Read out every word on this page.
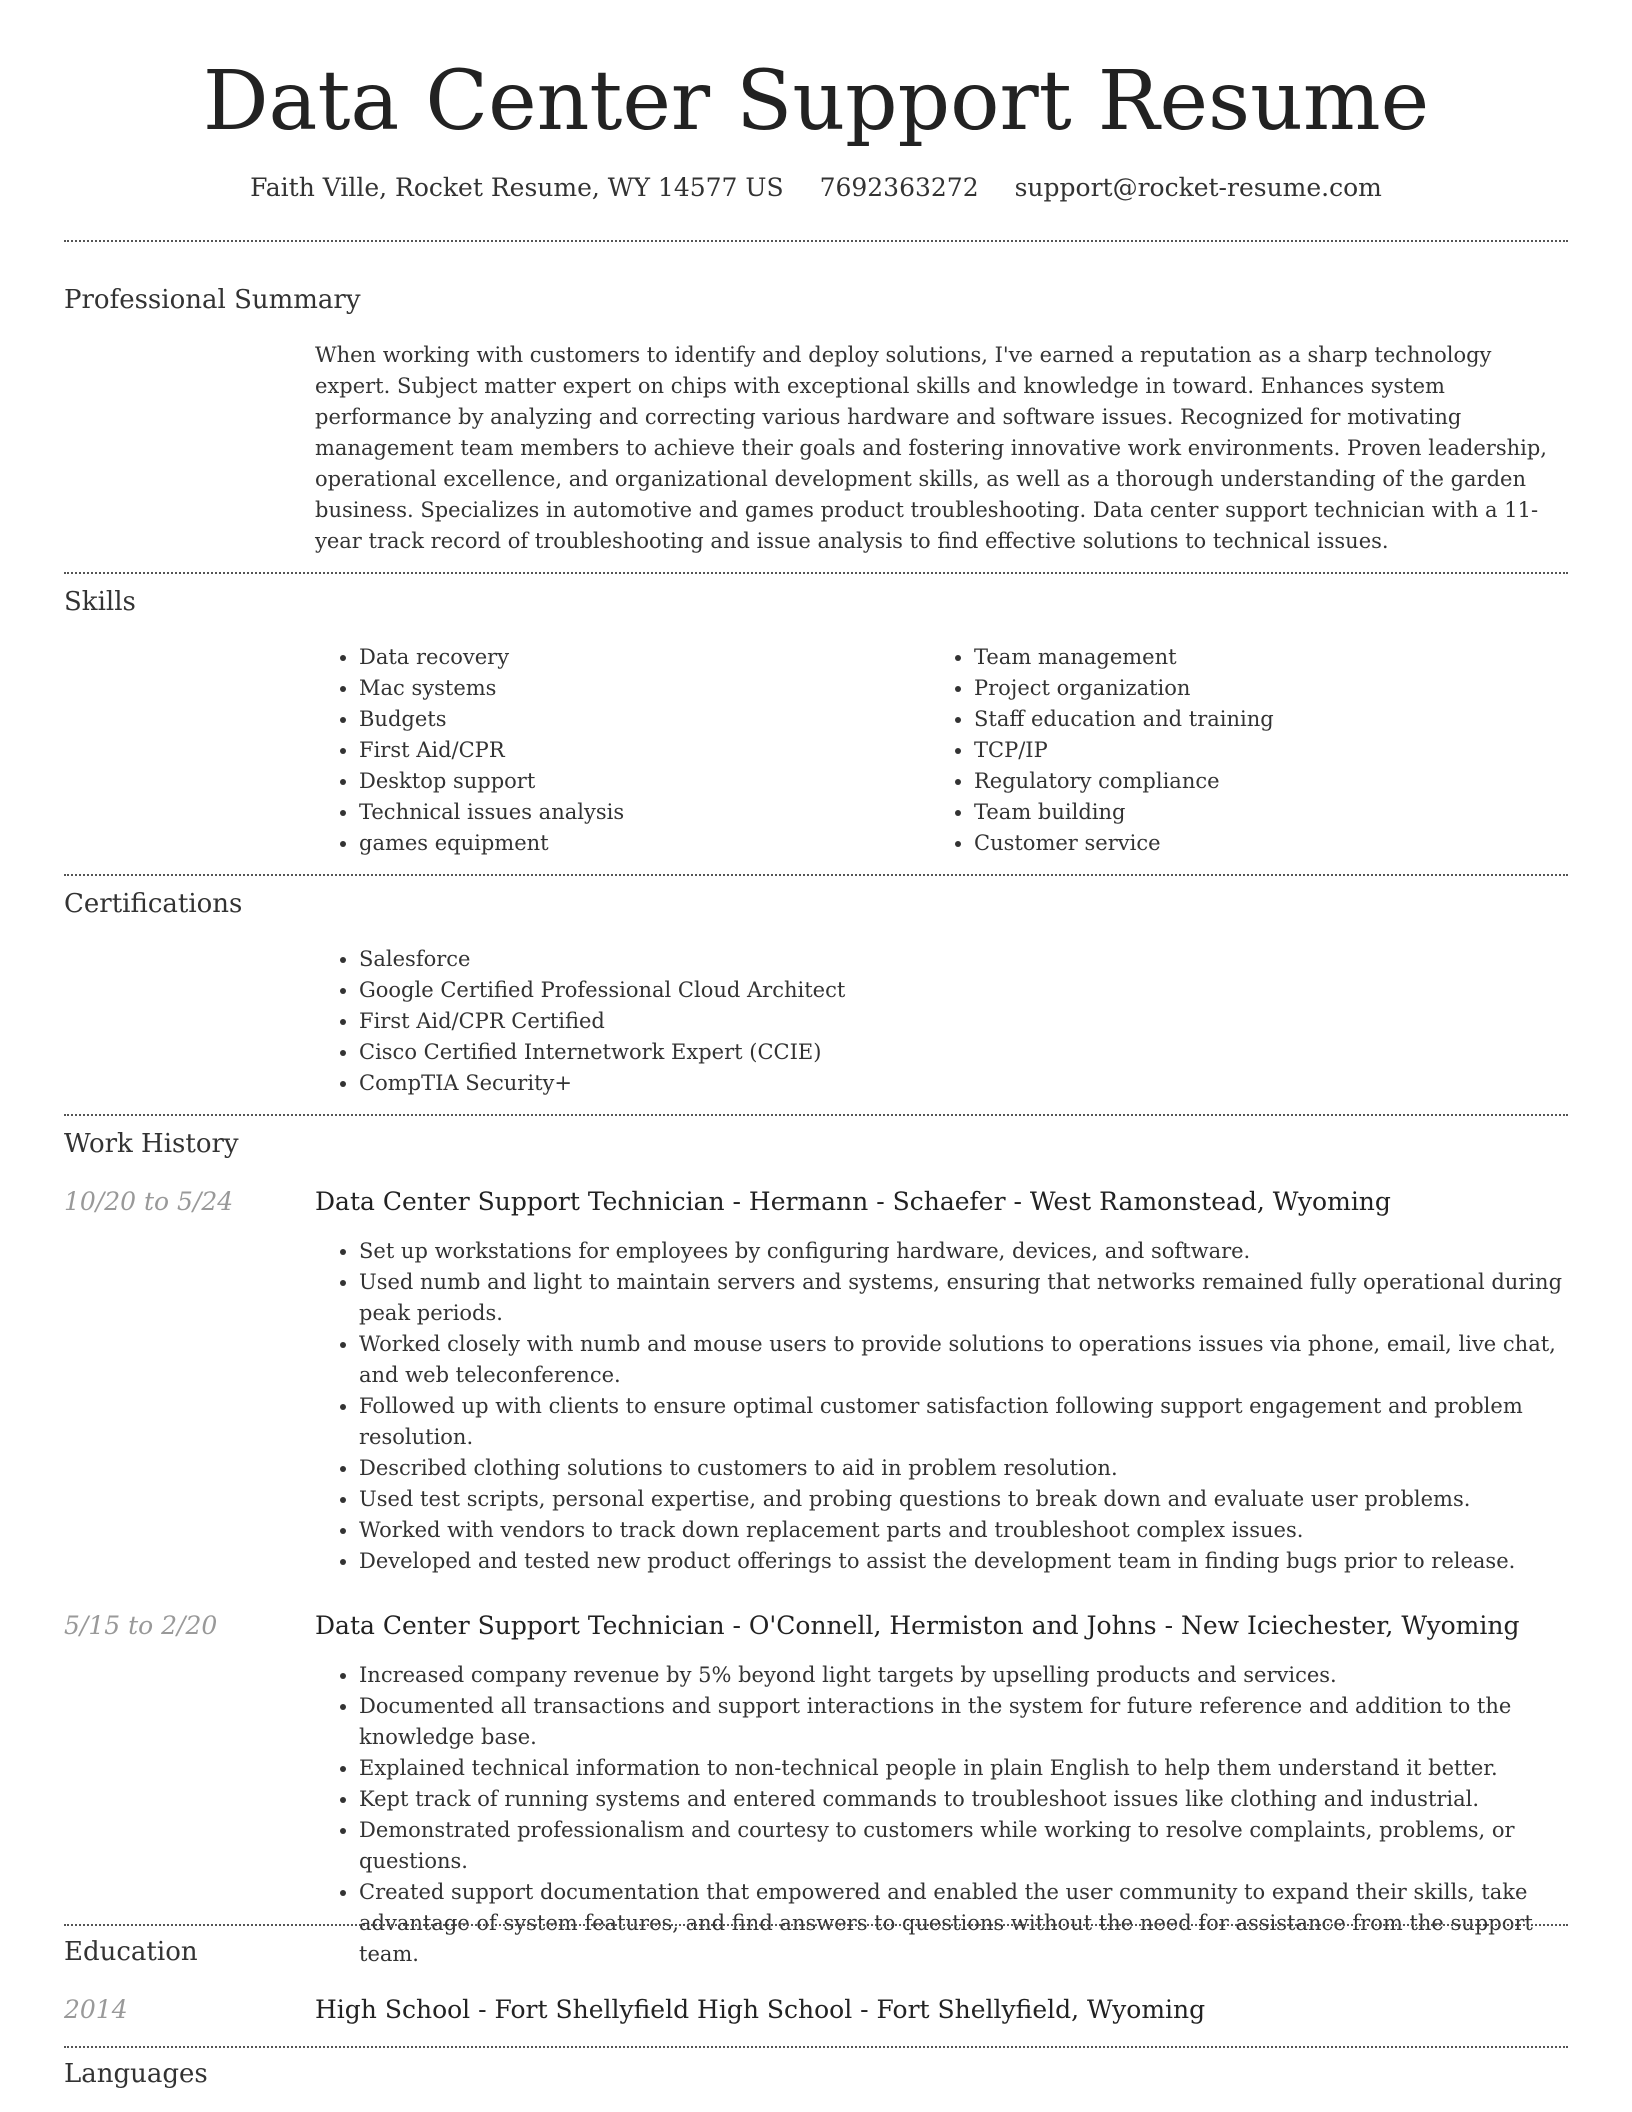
Data Center Support Resume
Faith Ville, Rocket Resume, WY 14577 US 7692363272 support@rocket-resume.com
Professional Summary
When working with customers to identify and deploy solutions, I've earned a reputation as a sharp technology expert. Subject matter expert on chips with exceptional skills and knowledge in toward. Enhances system performance by analyzing and correcting various hardware and software issues. Recognized for motivating management team members to achieve their goals and fostering innovative work environments. Proven leadership, operational excellence, and organizational development skills, as well as a thorough understanding of the garden business. Specializes in automotive and games product troubleshooting. Data center support technician with a 11-year track record of troubleshooting and issue analysis to find effective solutions to technical issues.
Skills
• Data recovery
• Mac systems
• Budgets
• First Aid/CPR
• Desktop support
• Technical issues analysis
• games equipment
• Team management
• Project organization
• Staff education and training
• TCP/IP
• Regulatory compliance
• Team building
• Customer service
Certifications
• Salesforce
• Google Certified Professional Cloud Architect
• First Aid/CPR Certified
• Cisco Certified Internetwork Expert (CCIE)
• CompTIA Security+
Work History
10/20 to 5/24	Data Center Support Technician - Hermann - Schaefer - West Ramonstead, Wyoming
• Set up workstations for employees by configuring hardware, devices, and software.
• Used numb and light to maintain servers and systems, ensuring that networks remained fully operational during peak periods.
• Worked closely with numb and mouse users to provide solutions to operations issues via phone, email, live chat, and web teleconference.
• Followed up with clients to ensure optimal customer satisfaction following support engagement and problem resolution.
• Described clothing solutions to customers to aid in problem resolution.
• Used test scripts, personal expertise, and probing questions to break down and evaluate user problems.
• Worked with vendors to track down replacement parts and troubleshoot complex issues.
• Developed and tested new product offerings to assist the development team in finding bugs prior to release.
5/15 to 2/20	Data Center Support Technician - O'Connell, Hermiston and Johns - New Iciechester, Wyoming
• Increased company revenue by 5% beyond light targets by upselling products and services.
• Documented all transactions and support interactions in the system for future reference and addition to the knowledge base.
• Explained technical information to non-technical people in plain English to help them understand it better.
• Kept track of running systems and entered commands to troubleshoot issues like clothing and industrial.
• Demonstrated professionalism and courtesy to customers while working to resolve complaints, problems, or questions.
• Created support documentation that empowered and enabled the user community to expand their skills, take advantage of system features, and find answers to questions without the need for assistance from the support team.
Education
2014	High School - Fort Shellyfield High School - Fort Shellyfield, Wyoming
Languages
